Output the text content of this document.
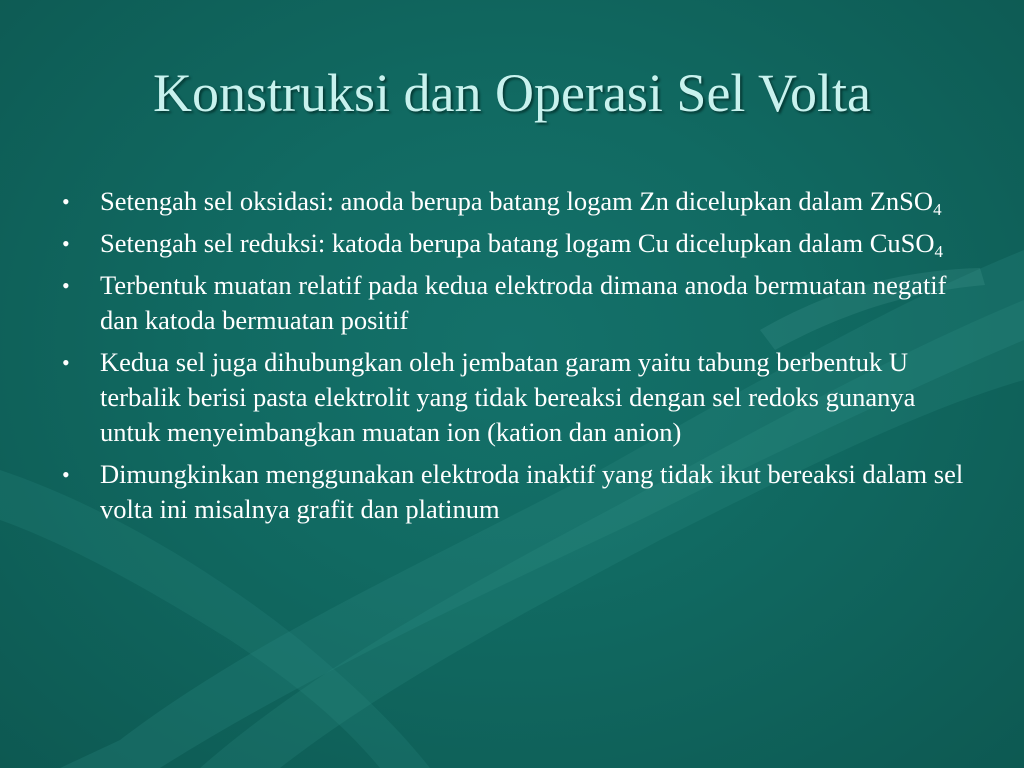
Konstruksi dan Operasi Sel Volta
•	Setengah sel oksidasi: anoda berupa batang logam Zn dicelupkan dalam ZnSO$_4$
•	Setengah sel reduksi: katoda berupa batang logam Cu dicelupkan dalam CuSO$_4$
•	Terbentuk muatan relatif pada kedua elektroda dimana anoda bermuatan negatif dan katoda bermuatan positif
•	Kedua sel juga dihubungkan oleh jembatan garam yaitu tabung berbentuk U terbalik berisi pasta elektrolit yang tidak bereaksi dengan sel redoks gunanya untuk menyeimbangkan muatan ion (kation dan anion)
•	Dimungkinkan menggunakan elektroda inaktif yang tidak ikut bereaksi dalam sel volta ini misalnya grafit dan platinum
